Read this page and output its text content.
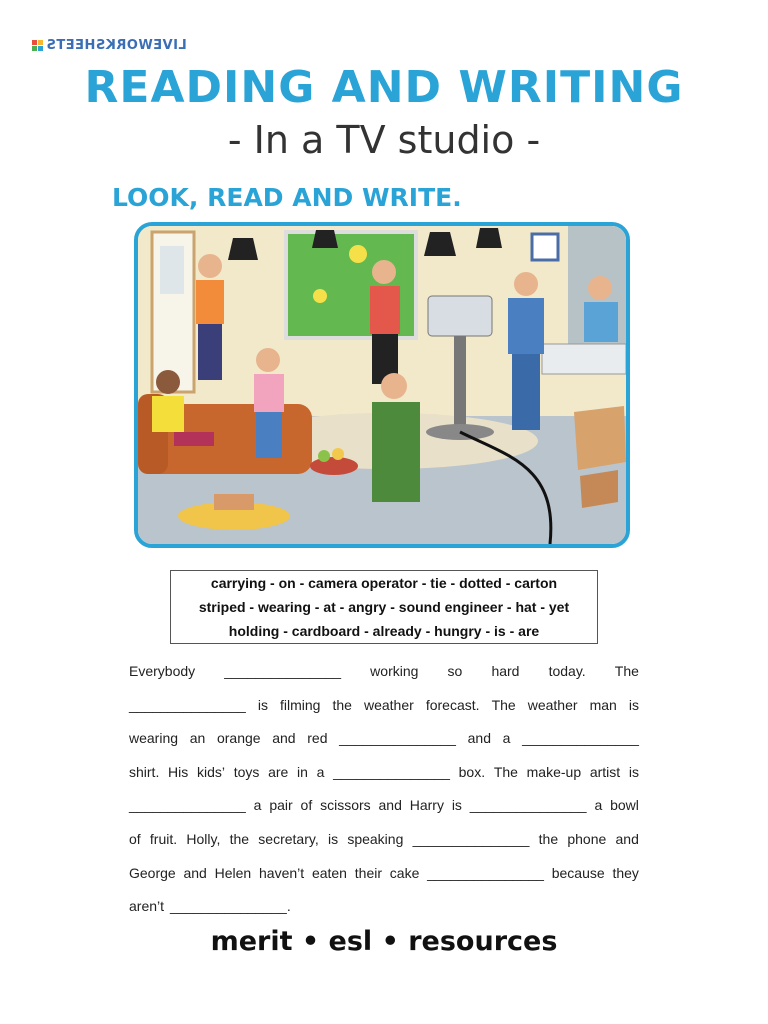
LIVEWORKSHEETS
READING AND WRITING
- In a TV studio -
LOOK, READ AND WRITE.
carrying - on - camera operator - tie - dotted - carton
striped - wearing - at - angry - sound engineer - hat - yet
holding - cardboard - already - hungry - is - are
Everybody _______________ working so hard today. The
_______________ is filming the weather forecast. The weather man is
wearing an orange and red _______________ and a _______________
shirt. His kids’ toys are in a _______________ box. The make-up artist is
_______________ a pair of scissors and Harry is _______________ a bowl
of fruit. Holly, the secretary, is speaking _______________ the phone and
George and Helen haven’t eaten their cake _______________ because they
aren’t _______________.
merit • esl • resources
